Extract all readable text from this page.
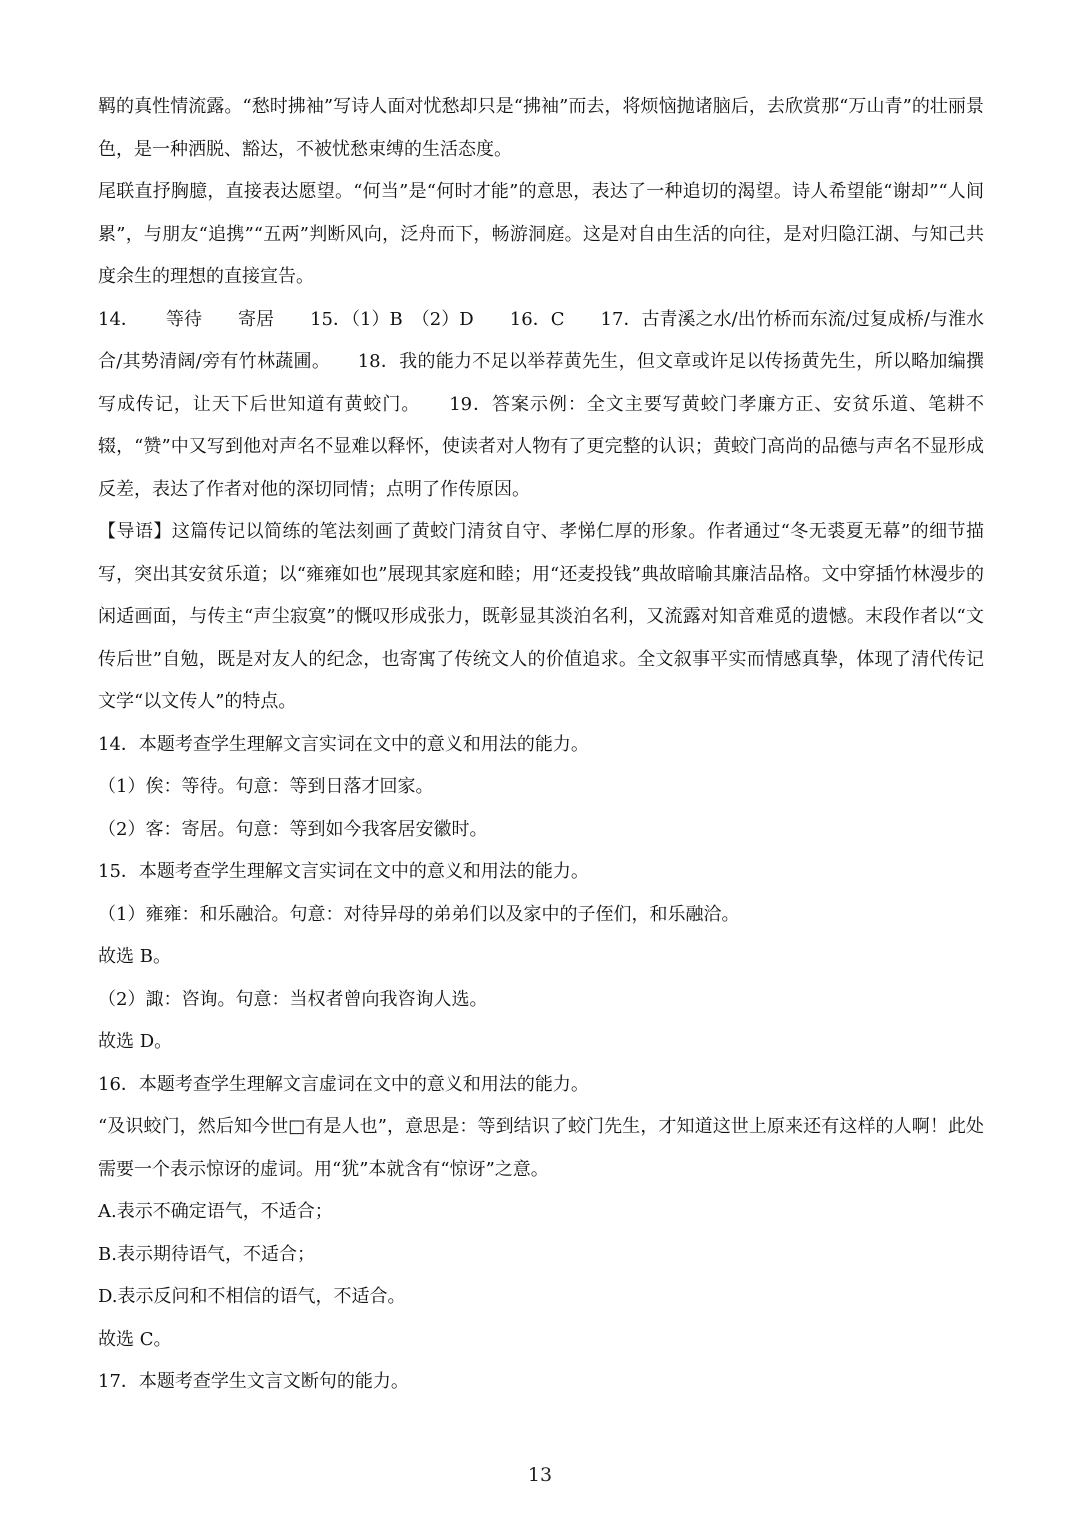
羁的真性情流露。“愁时拂袖”写诗人面对忧愁却只是“拂袖”而去，将烦恼抛诸脑后，去欣赏那“万山青”的壮丽景色，是一种洒脱、豁达，不被忧愁束缚的生活态度。

尾联直抒胸臆，直接表达愿望。“何当”是“何时才能”的意思，表达了一种追切的渴望。诗人希望能“谢却”“人间累”，与朋友“追携”“五两”判断风向，泛舟而下，畅游洞庭。这是对自由生活的向往，是对归隐江湖、与知己共度余生的理想的直接宣告。

14．　　等待　　寄居　　15．（1）B　（2）D　　16．C　　17．古青溪之水/出竹桥而东流/过复成桥/与淮水合/其势清阔/旁有竹林蔬圃。　　18．我的能力不足以举荐黄先生，但文章或许足以传扬黄先生，所以略加编撰写成传记，让天下后世知道有黄蛟门。　　19．答案示例：全文主要写黄蛟门孝廉方正、安贫乐道、笔耕不辍，“赞”中又写到他对声名不显难以释怀，使读者对人物有了更完整的认识；黄蛟门高尚的品德与声名不显形成反差，表达了作者对他的深切同情；点明了作传原因。

【导语】这篇传记以简练的笔法刻画了黄蛟门清贫自守、孝悌仁厚的形象。作者通过“冬无裘夏无幕”的细节描写，突出其安贫乐道；以“雍雍如也”展现其家庭和睦；用“还麦投钱”典故暗喻其廉洁品格。文中穿插竹林漫步的闲适画面，与传主“声尘寂寞”的慨叹形成张力，既彰显其淡泊名利，又流露对知音难觅的遗憾。末段作者以“文传后世”自勉，既是对友人的纪念，也寄寓了传统文人的价值追求。全文叙事平实而情感真挚，体现了清代传记文学“以文传人”的特点。

14．本题考查学生理解文言实词在文中的意义和用法的能力。

（1）俟：等待。句意：等到日落才回家。

（2）客：寄居。句意：等到如今我客居安徽时。

15．本题考查学生理解文言实词在文中的意义和用法的能力。

（1）雍雍：和乐融洽。句意：对待异母的弟弟们以及家中的子侄们，和乐融洽。

故选 B。

（2）諏：咨询。句意：当权者曾向我咨询人选。

故选 D。

16．本题考查学生理解文言虚词在文中的意义和用法的能力。

“及识蛟门，然后知今世□有是人也”，意思是：等到结识了蛟门先生，才知道这世上原来还有这样的人啊！此处需要一个表示惊讶的虚词。用“犹”本就含有“惊讶”之意。

A.表示不确定语气，不适合；

B.表示期待语气，不适合；

D.表示反问和不相信的语气，不适合。

故选 C。

17．本题考查学生文言文断句的能力。

13
